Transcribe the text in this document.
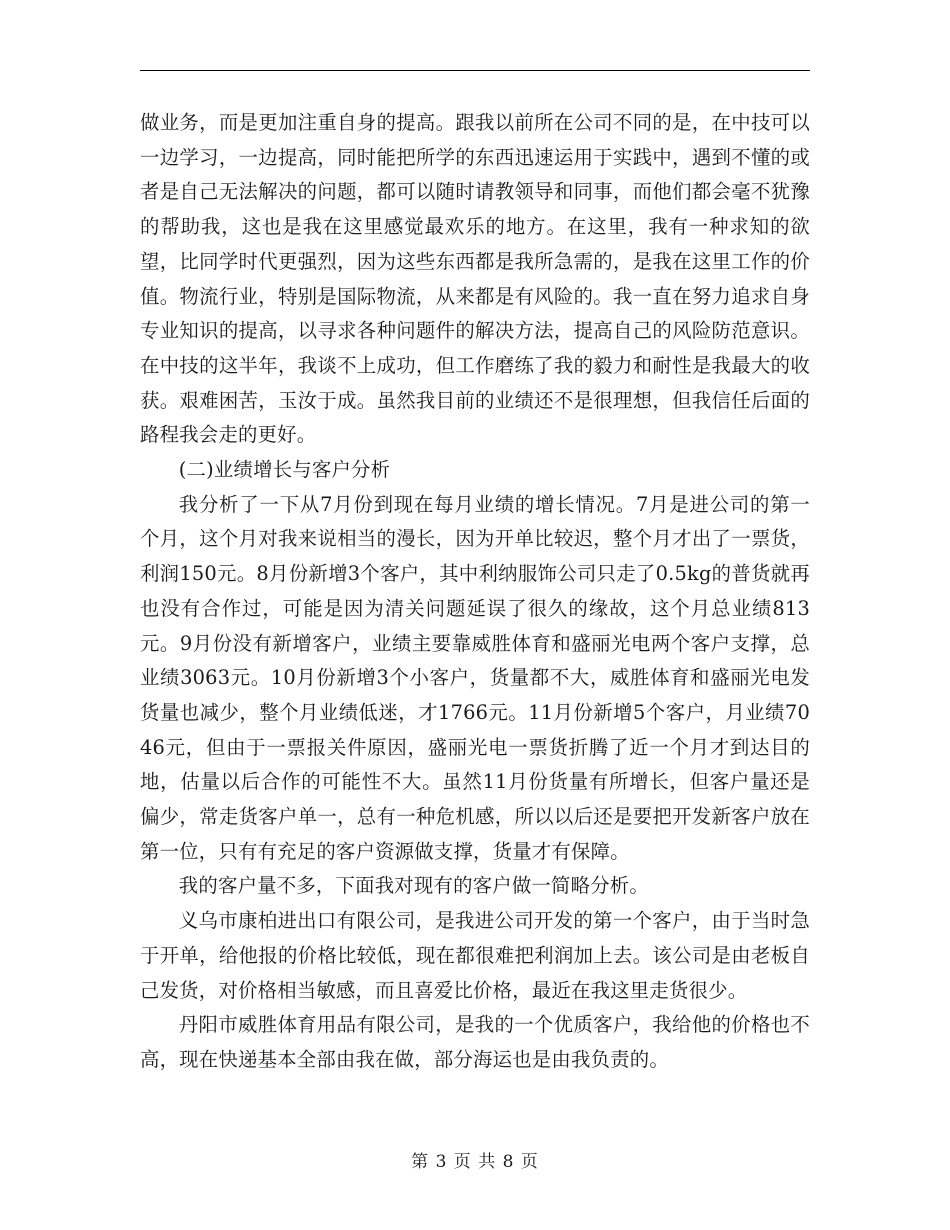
做业务，而是更加注重自身的提高。跟我以前所在公司不同的是，在中技可以一边学习，一边提高，同时能把所学的东西迅速运用于实践中，遇到不懂的或者是自己无法解决的问题，都可以随时请教领导和同事，而他们都会毫不犹豫的帮助我，这也是我在这里感觉最欢乐的地方。在这里，我有一种求知的欲望，比同学时代更强烈，因为这些东西都是我所急需的，是我在这里工作的价值。物流行业，特别是国际物流，从来都是有风险的。我一直在努力追求自身专业知识的提高，以寻求各种问题件的解决方法，提高自己的风险防范意识。在中技的这半年，我谈不上成功，但工作磨练了我的毅力和耐性是我最大的收获。艰难困苦，玉汝于成。虽然我目前的业绩还不是很理想，但我信任后面的路程我会走的更好。

(二)业绩增长与客户分析

我分析了一下从7月份到现在每月业绩的增长情况。7月是进公司的第一个月，这个月对我来说相当的漫长，因为开单比较迟，整个月才出了一票货，利润150元。8月份新增3个客户，其中利纳服饰公司只走了0.5kg的普货就再也没有合作过，可能是因为清关问题延误了很久的缘故，这个月总业绩813元。9月份没有新增客户，业绩主要靠威胜体育和盛丽光电两个客户支撑，总业绩3063元。10月份新增3个小客户，货量都不大，威胜体育和盛丽光电发货量也减少，整个月业绩低迷，才1766元。11月份新增5个客户，月业绩7046元，但由于一票报关件原因，盛丽光电一票货折腾了近一个月才到达目的地，估量以后合作的可能性不大。虽然11月份货量有所增长，但客户量还是偏少，常走货客户单一，总有一种危机感，所以以后还是要把开发新客户放在第一位，只有有充足的客户资源做支撑，货量才有保障。

我的客户量不多，下面我对现有的客户做一简略分析。

义乌市康柏进出口有限公司，是我进公司开发的第一个客户，由于当时急于开单，给他报的价格比较低，现在都很难把利润加上去。该公司是由老板自己发货，对价格相当敏感，而且喜爱比价格，最近在我这里走货很少。

丹阳市威胜体育用品有限公司，是我的一个优质客户，我给他的价格也不高，现在快递基本全部由我在做，部分海运也是由我负责的。

第 3 页 共 8 页
